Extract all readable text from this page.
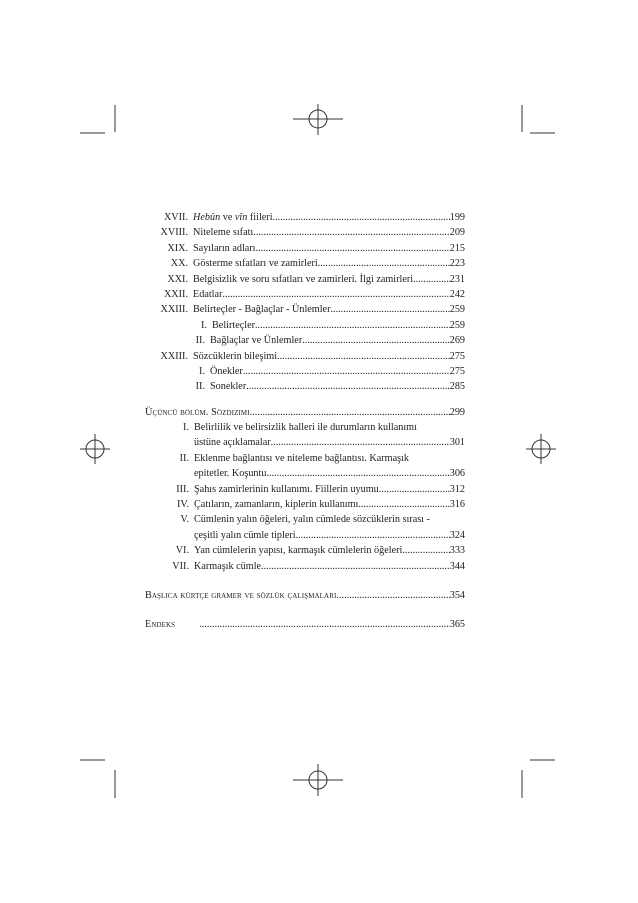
XVII. Hebûn ve vîn fiileri .....	199
XVIII. Niteleme sıfatı .....	209
XIX. Sayıların adları .....	215
XX. Gösterme sıfatları ve zamirleri .....	223
XXI. Belgisizlik ve soru sıfatları ve zamirleri. İlgi zamirleri .....	231
XXII. Edatlar .....	242
XXIII. Belirteçler - Bağlaçlar - Ünlemler .....	259
I. Belirteçler .....	259
II. Bağlaçlar ve Ünlemler .....	269
XXIII. Sözcüklerin bileşimi .....	275
I. Önekler .....	275
II. Sonekler .....	285
Üçüncü bölüm. Sözdizimi .....	299
I. Belirlilik ve belirsizlik halleri ile durumların kullanımı
üstüne açıklamalar .....	301
II. Eklenme bağlantısı ve niteleme bağlantısı. Karmaşık
epitetler. Koşuntu .....	306
III. Şahıs zamirlerinin kullanımı. Fiillerin uyumu .....	312
IV. Çatıların, zamanların, kiplerin kullanımı .....	316
V. Cümlenin yalın öğeleri, yalın cümlede sözcüklerin sırası -
çeşitli yalın cümle tipleri .....	324
VI. Yan cümlelerin yapısı, karmaşık cümlelerin öğeleri .....	333
VII. Karmaşık cümle .....	344
Başlıca kürtçe gramer ve sözlük çalışmaları .....	354
Endeks .....	365
